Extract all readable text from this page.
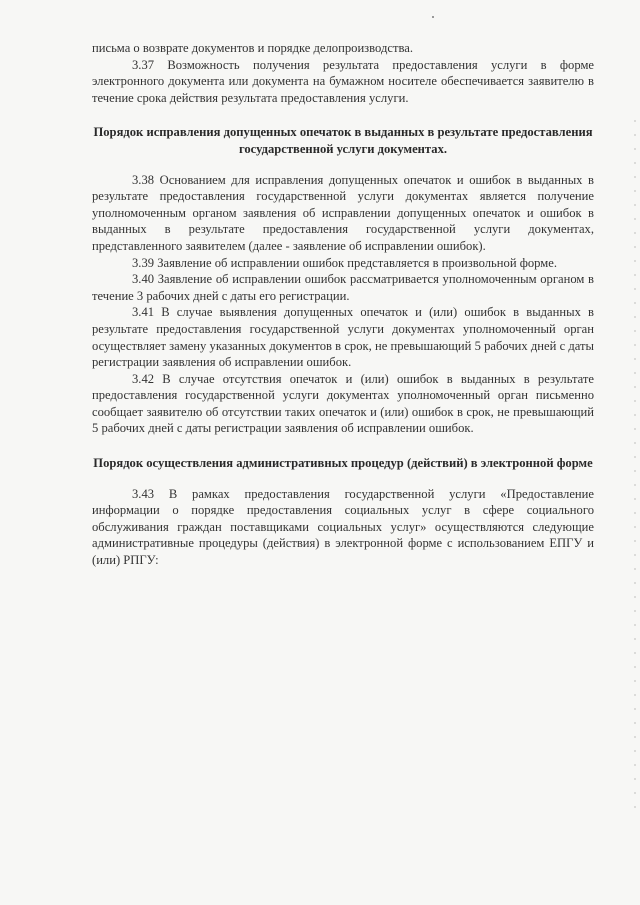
письма о возврате документов и порядке делопроизводства.

3.37 Возможность получения результата предоставления услуги в форме электронного документа или документа на бумажном носителе обеспечивается заявителю в течение срока действия результата предоставления услуги.

Порядок исправления допущенных опечаток в выданных в результате предоставления государственной услуги документах.

3.38 Основанием для исправления допущенных опечаток и ошибок в выданных в результате предоставления государственной услуги документах является получение уполномоченным органом заявления об исправлении допущенных опечаток и ошибок в выданных в результате предоставления государственной услуги документах, представленного заявителем (далее - заявление об исправлении ошибок).

3.39 Заявление об исправлении ошибок представляется в произвольной форме.

3.40 Заявление об исправлении ошибок рассматривается уполномоченным органом в течение 3 рабочих дней с даты его регистрации.

3.41 В случае выявления допущенных опечаток и (или) ошибок в выданных в результате предоставления государственной услуги документах уполномоченный орган осуществляет замену указанных документов в срок, не превышающий 5 рабочих дней с даты регистрации заявления об исправлении ошибок.

3.42 В случае отсутствия опечаток и (или) ошибок в выданных в результате предоставления государственной услуги документах уполномоченный орган письменно сообщает заявителю об отсутствии таких опечаток и (или) ошибок в срок, не превышающий 5 рабочих дней с даты регистрации заявления об исправлении ошибок.

Порядок осуществления административных процедур (действий) в электронной форме

3.43 В рамках предоставления государственной услуги «Предоставление информации о порядке предоставления социальных услуг в сфере социального обслуживания граждан поставщиками социальных услуг» осуществляются следующие административные процедуры (действия) в электронной форме с использованием ЕПГУ и (или) РПГУ:
